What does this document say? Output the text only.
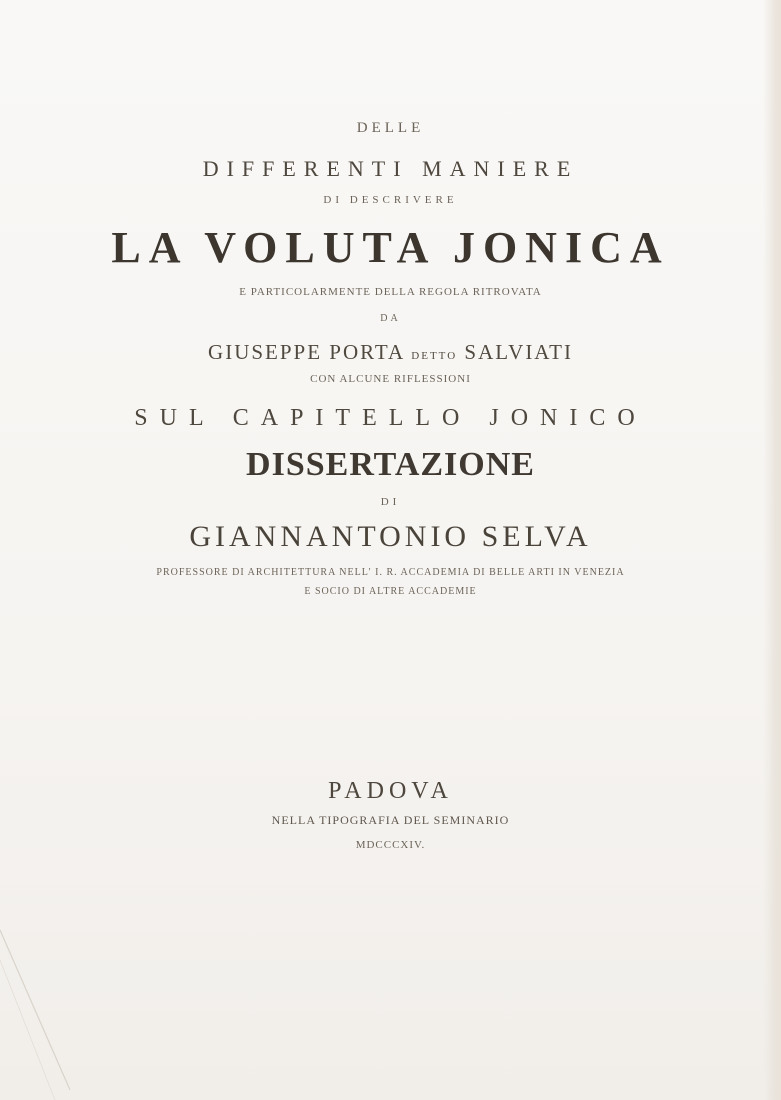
DELLE
DIFFERENTI MANIERE
DI DESCRIVERE
LA VOLUTA JONICA
E PARTICOLARMENTE DELLA REGOLA RITROVATA
DA
GIUSEPPE PORTA DETTO SALVIATI
CON ALCUNE RIFLESSIONI
SUL CAPITELLO JONICO
DISSERTAZIONE
DI
GIANNANTONIO SELVA
PROFESSORE DI ARCHITETTURA NELL' I. R. ACCADEMIA DI BELLE ARTI IN VENEZIA
E SOCIO DI ALTRE ACCADEMIE
PADOVA
NELLA TIPOGRAFIA DEL SEMINARIO
MDCCCXIV.
